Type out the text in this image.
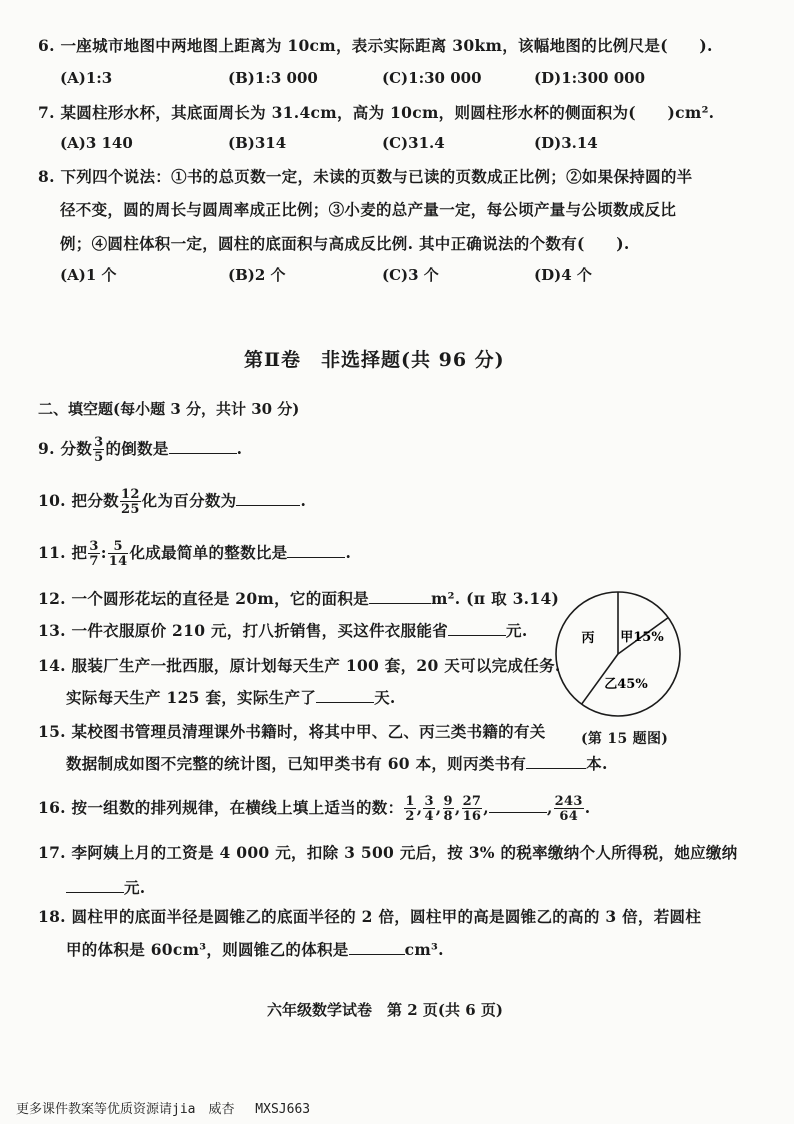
6. 一座城市地图中两地图上距离为 10cm，表示实际距离 30km，该幅地图的比例尺是(　　).
(A)1:3	(B)1:3 000	(C)1:30 000	(D)1:300 000
7. 某圆柱形水杯，其底面周长为 31.4cm，高为 10cm，则圆柱形水杯的侧面积为(　　)cm².
(A)3 140	(B)314	(C)31.4	(D)3.14
8. 下列四个说法：①书的总页数一定，未读的页数与已读的页数成正比例；②如果保持圆的半
径不变，圆的周长与圆周率成正比例；③小麦的总产量一定，每公顷产量与公顷数成反比
例；④圆柱体积一定，圆柱的底面积与高成反比例. 其中正确说法的个数有(　　).
(A)1 个	(B)2 个	(C)3 个	(D)4 个
第Ⅱ卷　非选择题(共 96 分)
二、填空题(每小题 3 分，共计 30 分)
9. 分数 $\frac{3}{5}$ 的倒数是	.
10. 把分数 $\frac{12}{25}$ 化为百分数为	.
11. 把 $\frac{3}{7}$ : $\frac{5}{14}$ 化成最简单的整数比是	.
12. 一个圆形花坛的直径是 20m，它的面积是	m². (π 取 3.14)
13. 一件衣服原价 210 元，打八折销售，买这件衣服能省	元.
14. 服装厂生产一批西服，原计划每天生产 100 套，20 天可以完成任务.
实际每天生产 125 套，实际生产了	天.
15. 某校图书管理员清理课外书籍时，将其中甲、乙、丙三类书籍的有关
数据制成如图不完整的统计图，已知甲类书有 60 本，则丙类书有	本.
甲15%
乙45%
丙
(第 15 题图)
16. 按一组数的排列规律，在横线上填上适当的数： $\frac{1}{2}$ , $\frac{3}{4}$ , $\frac{9}{8}$ , $\frac{27}{16}$ ,	, $\frac{243}{64}$ .
17. 李阿姨上月的工资是 4 000 元，扣除 3 500 元后，按 3% 的税率缴纳个人所得税，她应缴纳
元.
18. 圆柱甲的底面半径是圆锥乙的底面半径的 2 倍，圆柱甲的高是圆锥乙的高的 3 倍，若圆柱
甲的体积是 60cm³，则圆锥乙的体积是	cm³.
六年级数学试卷　第 2 页(共 6 页)
更多课件教案等优质资源请jia　威杏　 MXSJ663
